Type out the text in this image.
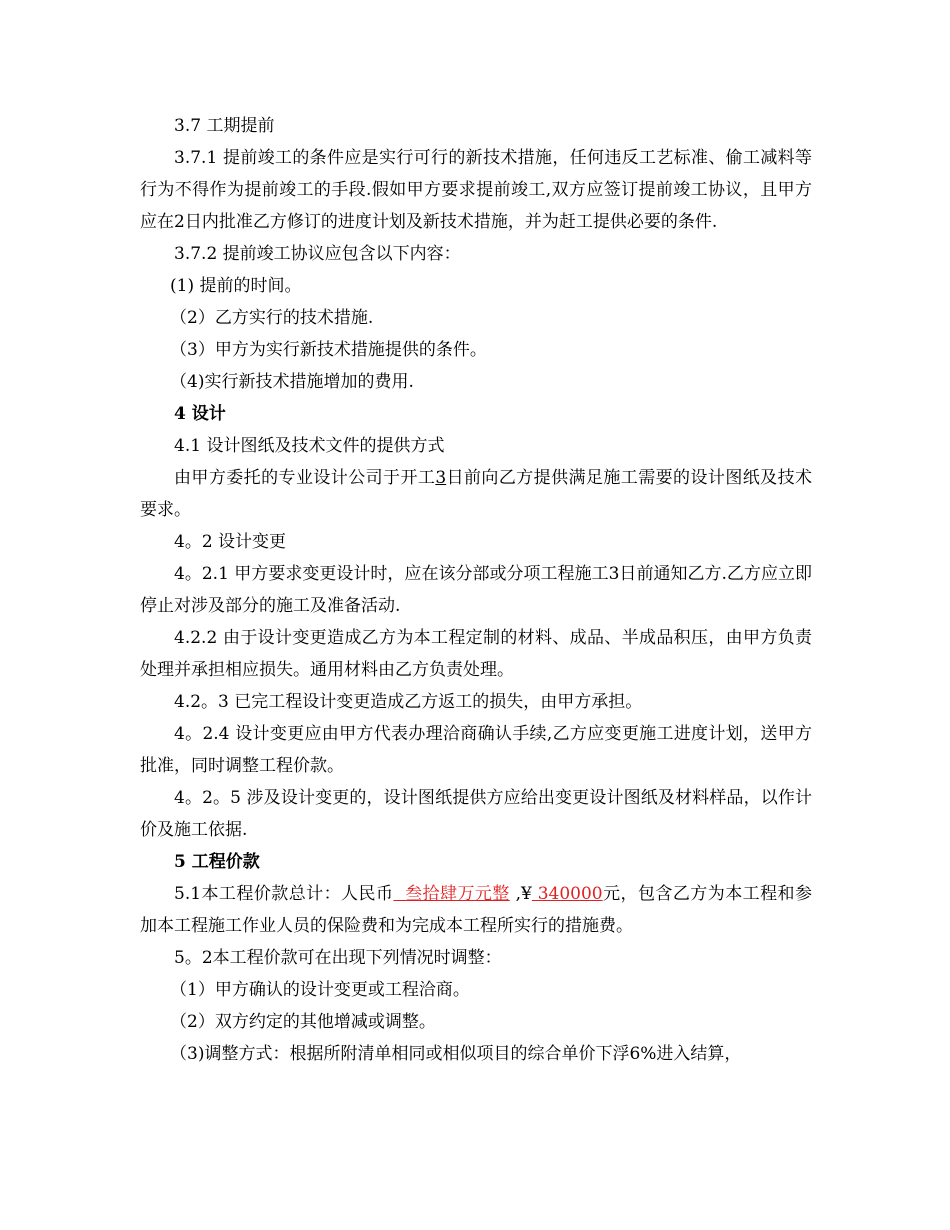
3.7 工期提前

3.7.1 提前竣工的条件应是实行可行的新技术措施，任何违反工艺标准、偷工减料等行为不得作为提前竣工的手段.假如甲方要求提前竣工,双方应签订提前竣工协议，且甲方应在2日内批准乙方修订的进度计划及新技术措施，并为赶工提供必要的条件.

3.7.2 提前竣工协议应包含以下内容：

(1) 提前的时间。

（2）乙方实行的技术措施.

（3）甲方为实行新技术措施提供的条件。

（4)实行新技术措施增加的费用.

4 设计

4.1 设计图纸及技术文件的提供方式

由甲方委托的专业设计公司于开工3日前向乙方提供满足施工需要的设计图纸及技术要求。

4。2 设计变更

4。2.1 甲方要求变更设计时，应在该分部或分项工程施工3日前通知乙方.乙方应立即停止对涉及部分的施工及准备活动.

4.2.2 由于设计变更造成乙方为本工程定制的材料、成品、半成品积压，由甲方负责处理并承担相应损失。通用材料由乙方负责处理。

4.2。3 已完工程设计变更造成乙方返工的损失，由甲方承担。

4。2.4 设计变更应由甲方代表办理洽商确认手续,乙方应变更施工进度计划，送甲方批准，同时调整工程价款。

4。2。5 涉及设计变更的，设计图纸提供方应给出变更设计图纸及材料样品，以作计价及施工依据.

5 工程价款

5.1本工程价款总计：人民币  叁拾肆万元整 ,¥ 340000元，包含乙方为本工程和参加本工程施工作业人员的保险费和为完成本工程所实行的措施费。

5。2本工程价款可在出现下列情况时调整：

（1）甲方确认的设计变更或工程洽商。

（2）双方约定的其他增减或调整。

（3)调整方式：根据所附清单相同或相似项目的综合单价下浮6%进入结算，
